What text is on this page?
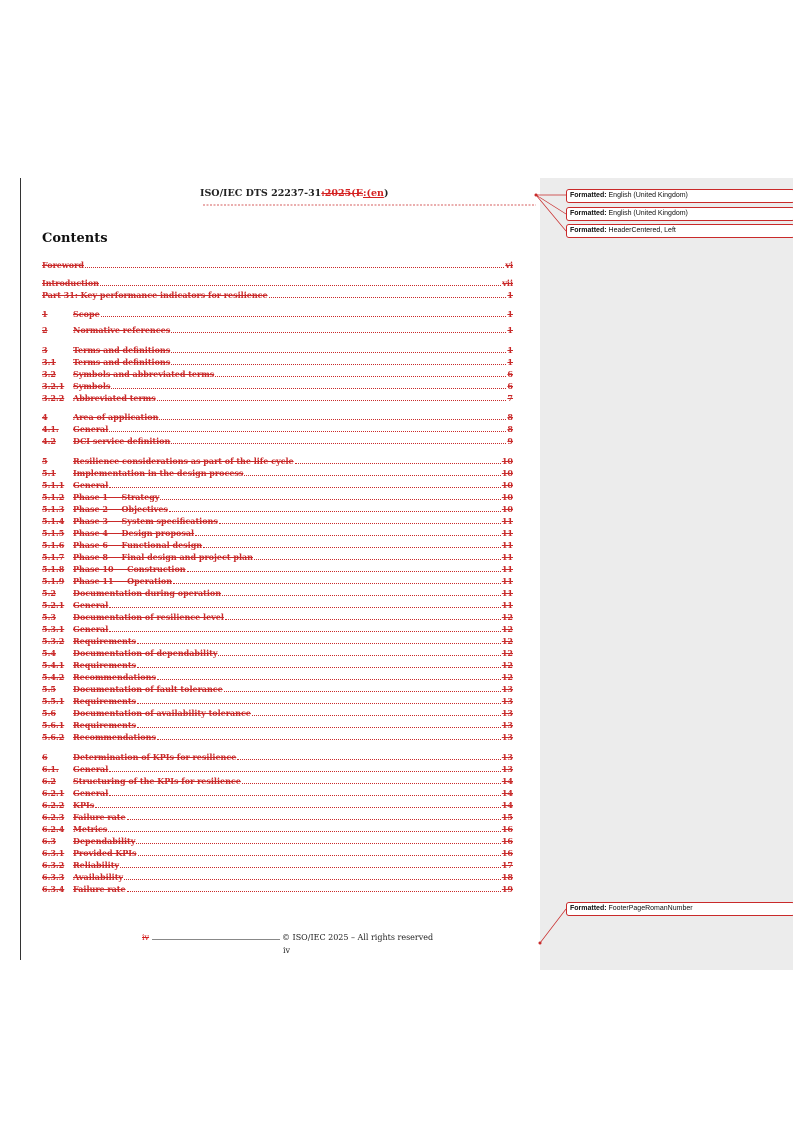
ISO/IEC DTS 22237-31:2025(E:(en)
Contents
Foreword	vi
Introduction	vii
Part 31: Key performance indicators for resilience	1
1	Scope	1
2	Normative references	1
3	Terms and definitions	1
3.1	Terms and definitions	1
3.2	Symbols and abbreviated terms	6
3.2.1	Symbols	6
3.2.2	Abbreviated terms	7
4	Area of application	8
4.1.	General	8
4.2	DCI service definition	9
5	Resilience considerations as part of the life cycle	10
5.1	Implementation in the design process	10
5.1.1	General	10
5.1.2	Phase 1 — Strategy	10
5.1.3	Phase 2 — Objectives	10
5.1.4	Phase 3 — System specifications	11
5.1.5	Phase 4 — Design proposal	11
5.1.6	Phase 6 — Functional design	11
5.1.7	Phase 8 — Final design and project plan	11
5.1.8	Phase 10 — Construction	11
5.1.9	Phase 11 — Operation	11
5.2	Documentation during operation	11
5.2.1	General	11
5.3	Documentation of resilience level	12
5.3.1	General	12
5.3.2	Requirements	12
5.4	Documentation of dependability	12
5.4.1	Requirements	12
5.4.2	Recommendations	12
5.5	Documentation of fault tolerance	13
5.5.1	Requirements	13
5.6	Documentation of availability tolerance	13
5.6.1	Requirements	13
5.6.2	Recommendations	13
6	Determination of KPIs for resilience	13
6.1.	General	13
6.2	Structuring of the KPIs for resilience	14
6.2.1	General	14
6.2.2	KPIs	14
6.2.3	Failure rate	15
6.2.4	Metrics	16
6.3	Dependability	16
6.3.1	Provided KPIs	16
6.3.2	Reliability	17
6.3.3	Availability	18
6.3.4	Failure rate	19
iv	© ISO/IEC 2025 – All rights reserved
iv
Formatted: English (United Kingdom)
Formatted: English (United Kingdom)
Formatted: HeaderCentered, Left
Formatted: FooterPageRomanNumber
